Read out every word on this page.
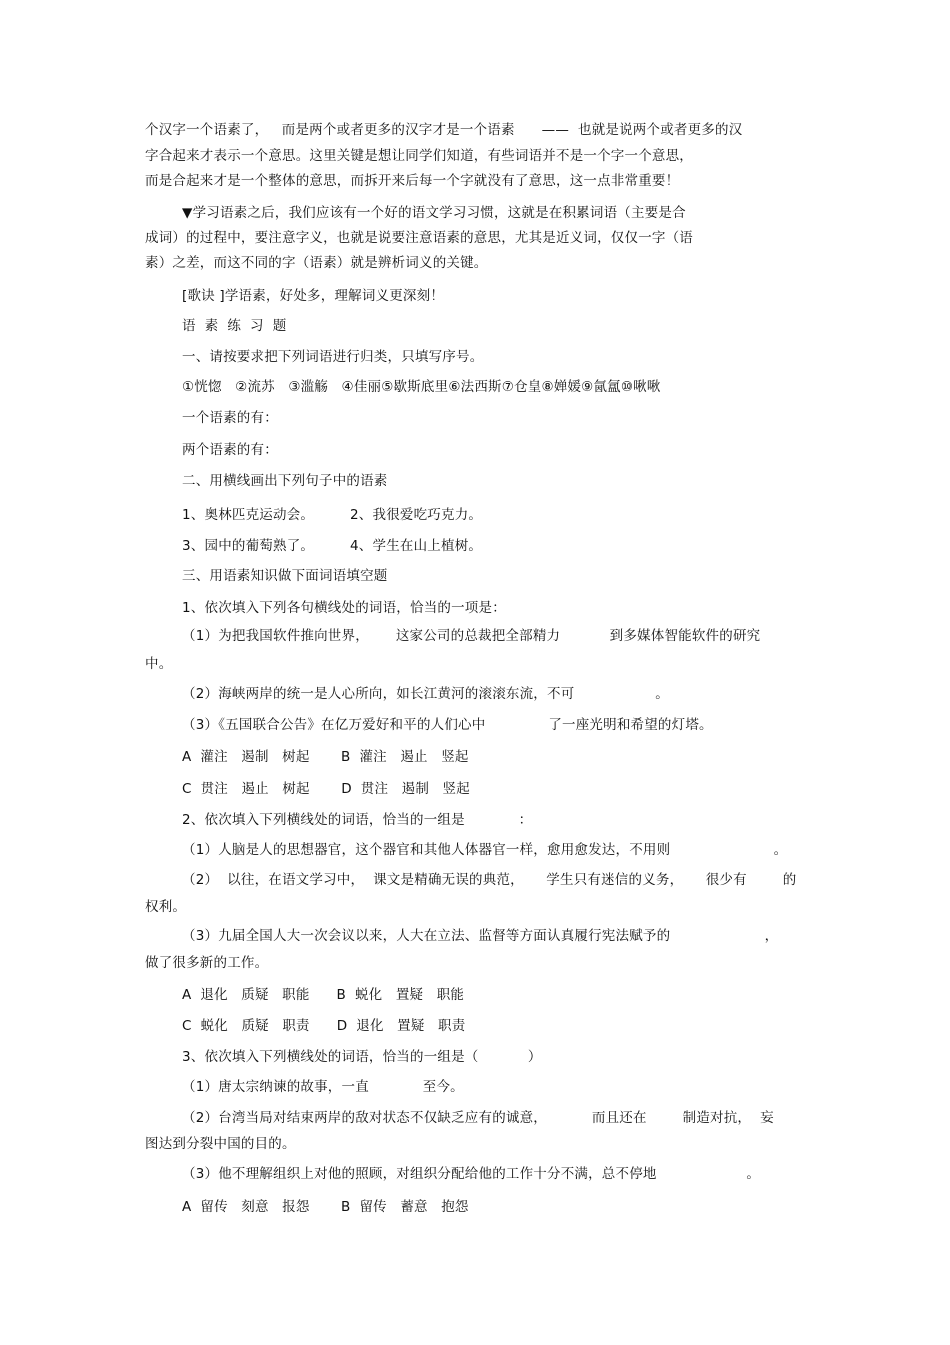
个汉字一个语素了，   而是两个或者更多的汉字才是一个语素      ——  也就是说两个或者更多的汉
字合起来才表示一个意思。这里关键是想让同学们知道，有些词语并不是一个字一个意思，
而是合起来才是一个整体的意思，而拆开来后每一个字就没有了意思，这一点非常重要！
▼学习语素之后，我们应该有一个好的语文学习习惯，这就是在积累词语（主要是合
成词）的过程中，要注意字义，也就是说要注意语素的意思，尤其是近义词，仅仅一字（语
素）之差，而这不同的字（语素）就是辨析词义的关键。
[歌诀 ]学语素，好处多，理解词义更深刻！
语  素  练  习  题
一、请按要求把下列词语进行归类，只填写序号。
①恍惚   ②流苏   ③滥觞   ④佳丽⑤歇斯底里⑥法西斯⑦仓皇⑧婵媛⑨氤氲⑩啾啾
一个语素的有：
两个语素的有：
二、用横线画出下列句子中的语素
1、奥林匹克运动会。        2、我很爱吃巧克力。
3、园中的葡萄熟了。        4、学生在山上植树。
三、用语素知识做下面词语填空题
1、依次填入下列各句横线处的词语，恰当的一项是：
（1）为把我国软件推向世界，      这家公司的总裁把全部精力           到多媒体智能软件的研究
中。
（2）海峡两岸的统一是人心所向，如长江黄河的滚滚东流，不可                  。
（3）《五国联合公告》在亿万爱好和平的人们心中              了一座光明和希望的灯塔。
A  灌注   遏制   树起       B  灌注   遏止   竖起
C  贯注   遏止   树起       D  贯注   遏制   竖起
2、依次填入下列横线处的词语，恰当的一组是            ：
（1）人脑是人的思想器官，这个器官和其他人体器官一样，愈用愈发达，不用则                       。
（2）  以往，在语文学习中，  课文是精确无误的典范，     学生只有迷信的义务，     很少有        的
权利。
（3）九届全国人大一次会议以来，人大在立法、监督等方面认真履行宪法赋予的                     ，
做了很多新的工作。
A  退化   质疑   职能      B  蜕化   置疑   职能
C  蜕化   质疑   职责      D  退化   置疑   职责
3、依次填入下列横线处的词语，恰当的一组是（           ）
（1）唐太宗纳谏的故事，一直            至今。
（2）台湾当局对结束两岸的敌对状态不仅缺乏应有的诚意，          而且还在        制造对抗，  妄
图达到分裂中国的目的。
（3）他不理解组织上对他的照顾，对组织分配给他的工作十分不满，总不停地                    。
A  留传   刻意   报怨       B  留传   蓄意   抱怨
